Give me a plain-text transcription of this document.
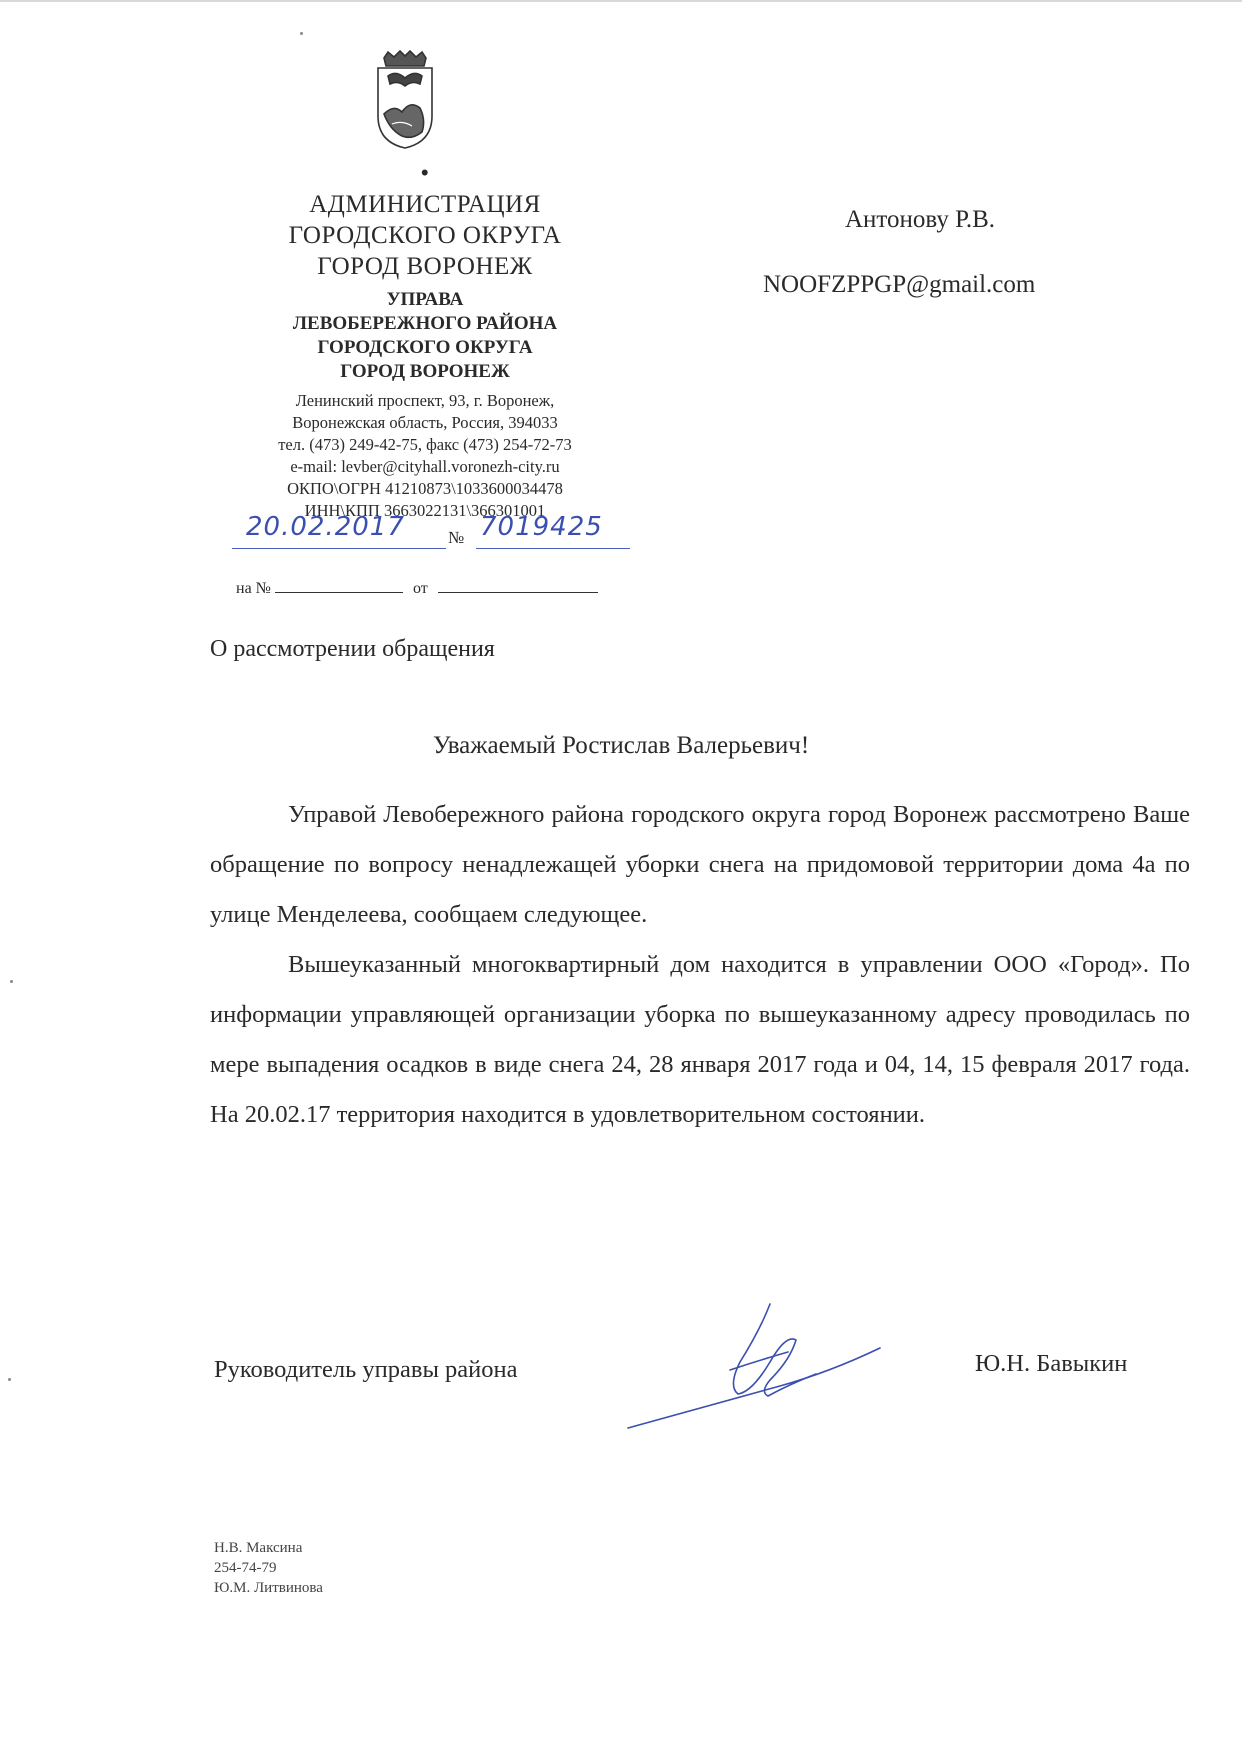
•
АДМИНИСТРАЦИЯ
ГОРОДСКОГО ОКРУГА
ГОРОД ВОРОНЕЖ
УПРАВА
ЛЕВОБЕРЕЖНОГО РАЙОНА
ГОРОДСКОГО ОКРУГА
ГОРОД ВОРОНЕЖ
Ленинский проспект, 93, г. Воронеж,
Воронежская область, Россия, 394033
тел. (473) 249-42-75, факс (473) 254-72-73
e-mail: levber@cityhall.voronezh-city.ru
ОКПО\ОГРН 41210873\1033600034478
ИНН\КПП 3663022131\366301001
20.02.2017	№ 7019425
на №	от
Антонову Р.В.
NOOFZPPGP@gmail.com
О рассмотрении обращения
Уважаемый Ростислав Валерьевич!

Управой Левобережного района городского округа город Воронеж рассмотрено Ваше обращение по вопросу ненадлежащей уборки снега на придомовой территории дома 4а по улице Менделеева, сообщаем следующее.

Вышеуказанный многоквартирный дом находится в управлении ООО «Город». По информации управляющей организации уборка по вышеуказанному адресу проводилась по мере выпадения осадков в виде снега 24, 28 января 2017 года и 04, 14, 15 февраля 2017 года. На 20.02.17 территория находится в удовлетворительном состоянии.

Руководитель управы района	Ю.Н. Бавыкин
Н.В. Максина
254-74-79
Ю.М. Литвинова
